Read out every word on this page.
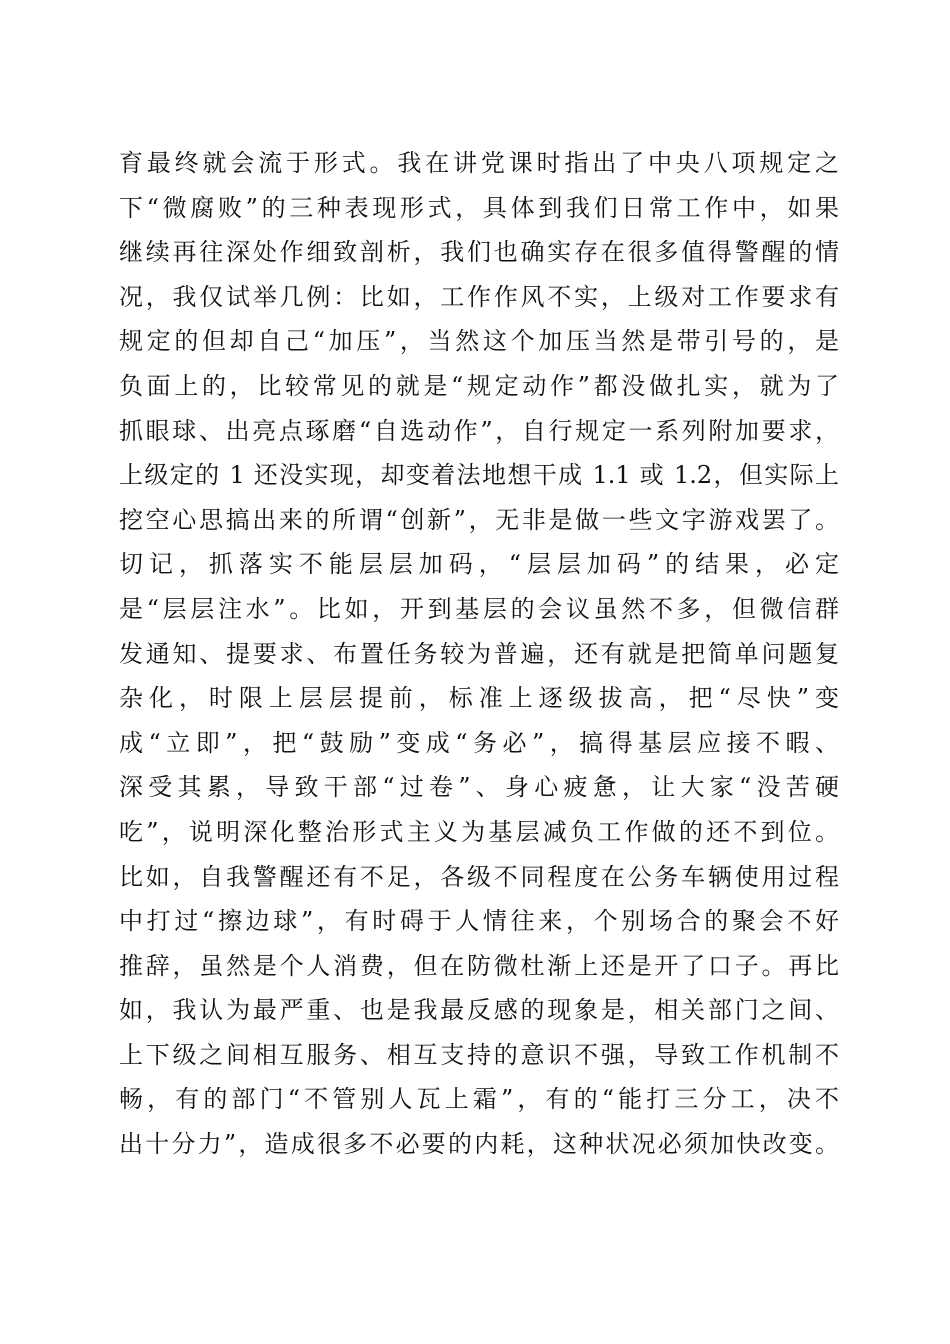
育最终就会流于形式。我在讲党课时指出了中央八项规定之
下“微腐败”的三种表现形式，具体到我们日常工作中，如果
继续再往深处作细致剖析，我们也确实存在很多值得警醒的情
况，我仅试举几例：比如，工作作风不实，上级对工作要求有
规定的但却自己“加压”，当然这个加压当然是带引号的，是
负面上的，比较常见的就是“规定动作”都没做扎实，就为了
抓眼球、出亮点琢磨“自选动作”，自行规定一系列附加要求，
上级定的 1 还没实现，却变着法地想干成 1.1 或 1.2，但实际上
挖空心思搞出来的所谓“创新”，无非是做一些文字游戏罢了。
切记，抓落实不能层层加码，“层层加码”的结果，必定
是“层层注水”。比如，开到基层的会议虽然不多，但微信群
发通知、提要求、布置任务较为普遍，还有就是把简单问题复
杂化，时限上层层提前，标准上逐级拔高，把“尽快”变
成“立即”，把“鼓励”变成“务必”，搞得基层应接不暇、
深受其累，导致干部“过卷”、身心疲惫，让大家“没苦硬
吃”，说明深化整治形式主义为基层减负工作做的还不到位。
比如，自我警醒还有不足，各级不同程度在公务车辆使用过程
中打过“擦边球”，有时碍于人情往来，个别场合的聚会不好
推辞，虽然是个人消费，但在防微杜渐上还是开了口子。再比
如，我认为最严重、也是我最反感的现象是，相关部门之间、
上下级之间相互服务、相互支持的意识不强，导致工作机制不
畅，有的部门“不管别人瓦上霜”，有的“能打三分工，决不
出十分力”，造成很多不必要的内耗，这种状况必须加快改变。
